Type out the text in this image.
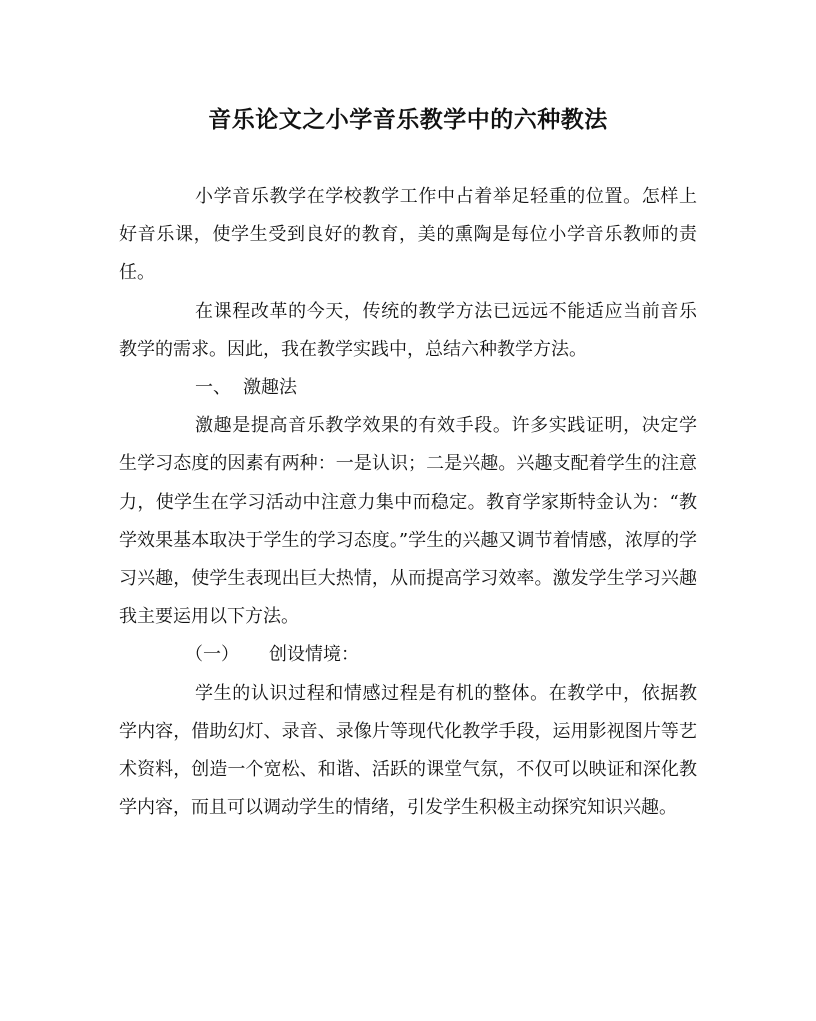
音乐论文之小学音乐教学中的六种教法

小学音乐教学在学校教学工作中占着举足轻重的位置。怎样上好音乐课，使学生受到良好的教育，美的熏陶是每位小学音乐教师的责任。

在课程改革的今天，传统的教学方法已远远不能适应当前音乐教学的需求。因此，我在教学实践中，总结六种教学方法。

一、 激趣法

激趣是提高音乐教学效果的有效手段。许多实践证明，决定学生学习态度的因素有两种：一是认识；二是兴趣。兴趣支配着学生的注意力，使学生在学习活动中注意力集中而稳定。教育学家斯特金认为：“教学效果基本取决于学生的学习态度。”学生的兴趣又调节着情感，浓厚的学习兴趣，使学生表现出巨大热情，从而提高学习效率。激发学生学习兴趣我主要运用以下方法。

（一）	创设情境：

学生的认识过程和情感过程是有机的整体。在教学中，依据教学内容，借助幻灯、录音、录像片等现代化教学手段，运用影视图片等艺术资料，创造一个宽松、和谐、活跃的课堂气氛，不仅可以映证和深化教学内容，而且可以调动学生的情绪，引发学生积极主动探究知识兴趣。
